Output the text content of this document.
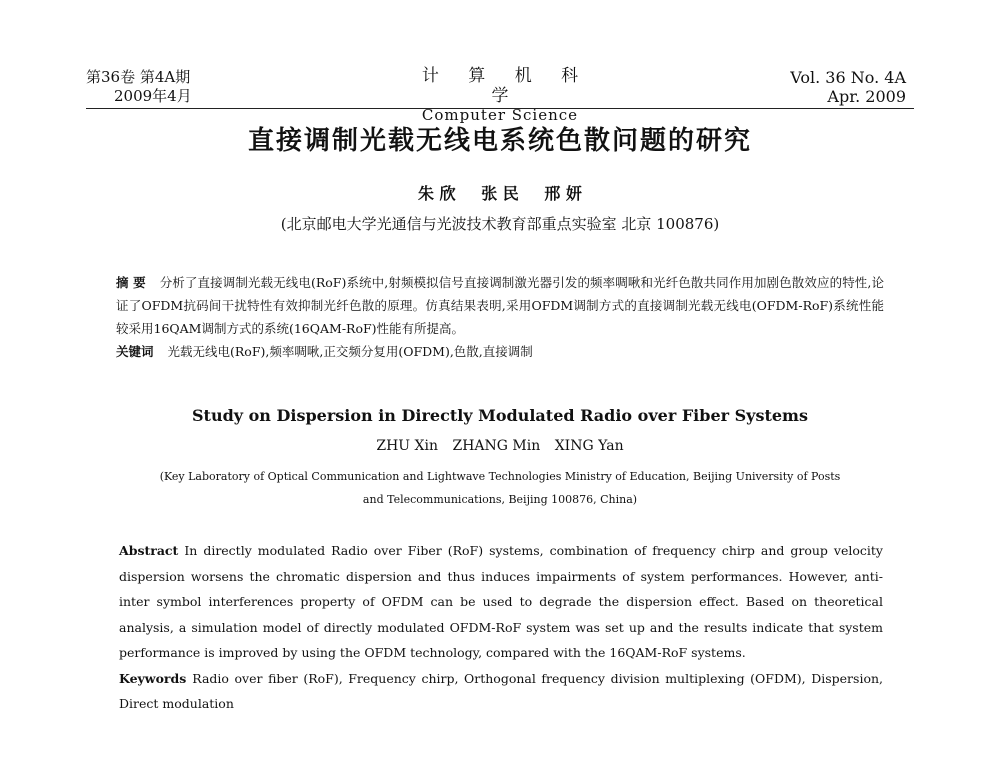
第36卷 第4A期
2009年4月
计 算 机 科 学
Computer Science
Vol. 36 No. 4A
Apr. 2009
直接调制光载无线电系统色散问题的研究
朱 欣 张 民 邢 妍
(北京邮电大学光通信与光波技术教育部重点实验室 北京 100876)

摘 要 分析了直接调制光载无线电(RoF)系统中,射频模拟信号直接调制激光器引发的频率啁啾和光纤色散共同作用加剧色散效应的特性,论证了OFDM抗码间干扰特性有效抑制光纤色散的原理。仿真结果表明,采用OFDM调制方式的直接调制光载无线电(OFDM-RoF)系统性能较采用16QAM调制方式的系统(16QAM-RoF)性能有所提高。

关键词 光载无线电(RoF),频率啁啾,正交频分复用(OFDM),色散,直接调制

Study on Dispersion in Directly Modulated Radio over Fiber Systems
ZHU Xin ZHANG Min XING Yan
(Key Laboratory of Optical Communication and Lightwave Technologies Ministry of Education, Beijing University of Posts
and Telecommunications, Beijing 100876, China)

Abstract In directly modulated Radio over Fiber (RoF) systems, combination of frequency chirp and group velocity dispersion worsens the chromatic dispersion and thus induces impairments of system performances. However, anti-inter symbol interferences property of OFDM can be used to degrade the dispersion effect. Based on theoretical analysis, a simulation model of directly modulated OFDM-RoF system was set up and the results indicate that system performance is improved by using the OFDM technology, compared with the 16QAM-RoF systems.

Keywords Radio over fiber (RoF), Frequency chirp, Orthogonal frequency division multiplexing (OFDM), Dispersion, Direct modulation
